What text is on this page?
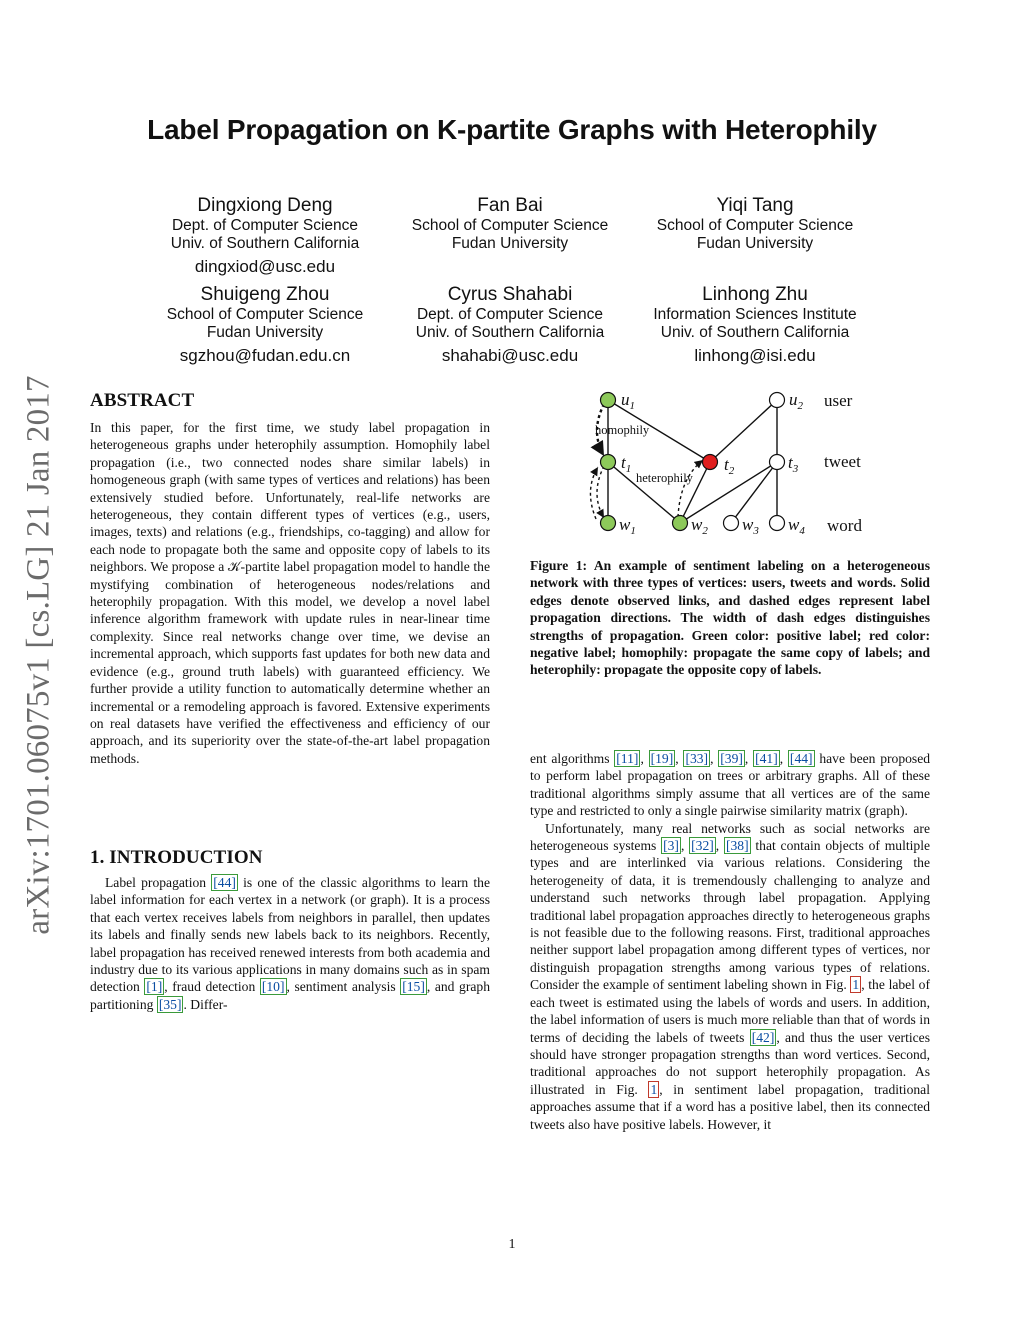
Label Propagation on K-partite Graphs with Heterophily
Dingxiong Deng
Dept. of Computer Science
Univ. of Southern California
dingxiod@usc.edu
Fan Bai
School of Computer Science
Fudan University
Yiqi Tang
School of Computer Science
Fudan University
Shuigeng Zhou
School of Computer Science
Fudan University
sgzhou@fudan.edu.cn
Cyrus Shahabi
Dept. of Computer Science
Univ. of Southern California
shahabi@usc.edu
Linhong Zhu
Information Sciences Institute
Univ. of Southern California
linhong@isi.edu
arXiv:1701.06075v1 [cs.LG] 21 Jan 2017 ABSTRACT

In this paper, for the first time, we study label propagation in heterogeneous graphs under heterophily assumption. Homophily label propagation (i.e., two connected nodes share similar labels) in homogeneous graph (with same types of vertices and relations) has been extensively studied before. Unfortunately, real-life networks are heterogeneous, they contain different types of vertices (e.g., users, images, texts) and relations (e.g., friendships, co-tagging) and allow for each node to propagate both the same and opposite copy of labels to its neighbors. We propose a 𝒦-partite label propagation model to handle the mystifying combination of heterogeneous nodes/relations and heterophily propagation. With this model, we develop a novel label inference algorithm framework with update rules in near-linear time complexity. Since real networks change over time, we devise an incremental approach, which supports fast updates for both new data and evidence (e.g., ground truth labels) with guaranteed efficiency. We further provide a utility function to automatically determine whether an incremental or a remodeling approach is favored. Extensive experiments on real datasets have verified the effectiveness and efficiency of our approach, and its superiority over the state-of-the-art label propagation methods.

1. INTRODUCTION

Label propagation [44] is one of the classic algorithms to learn the label information for each vertex in a network (or graph). It is a process that each vertex receives labels from neighbors in parallel, then updates its labels and finally sends new labels back to its neighbors. Recently, label propagation has received renewed interests from both academia and industry due to its various applications in many domains such as in spam detection [1] , fraud detection [10] , sentiment analysis [15] , and graph partitioning [35] . Differ-

$u_1$	$u_2$
$t_1$	$t_2$	$t_3$
$w_1$	$w_2$ $w_3$ $w_4$
user
tweet
word
homophily
heterophily
Figure 1: An example of sentiment labeling on a heterogeneous network with three types of vertices: users, tweets and words. Solid edges denote observed links, and dashed edges represent label propagation directions. The width of dash edges distinguishes strengths of propagation. Green color: positive label; red color: negative label; homophily: propagate the same copy of labels; and heterophily: propagate the opposite copy of labels.

ent algorithms [11] , [19] , [33] , [39] , [41] , [44] have been proposed to perform label propagation on trees or arbitrary graphs. All of these traditional algorithms simply assume that all vertices are of the same type and restricted to only a single pairwise similarity matrix (graph).

Unfortunately, many real networks such as social networks are heterogeneous systems [3] , [32] , [38] that contain objects of multiple types and are interlinked via various relations. Considering the heterogeneity of data, it is tremendously challenging to analyze and understand such networks through label propagation. Applying traditional label propagation approaches directly to heterogeneous graphs is not feasible due to the following reasons. First, traditional approaches neither support label propagation among different types of vertices, nor distinguish propagation strengths among various types of relations. Consider the example of sentiment labeling shown in Fig. 1 , the label of each tweet is estimated using the labels of words and users. In addition, the label information of users is much more reliable than that of words in terms of deciding the labels of tweets [42] , and thus the user vertices should have stronger propagation strengths than word vertices. Second, traditional approaches do not support heterophily propagation. As illustrated in Fig. 1 , in sentiment label propagation, traditional approaches assume that if a word has a positive label, then its connected tweets also have positive labels. However, it

1
